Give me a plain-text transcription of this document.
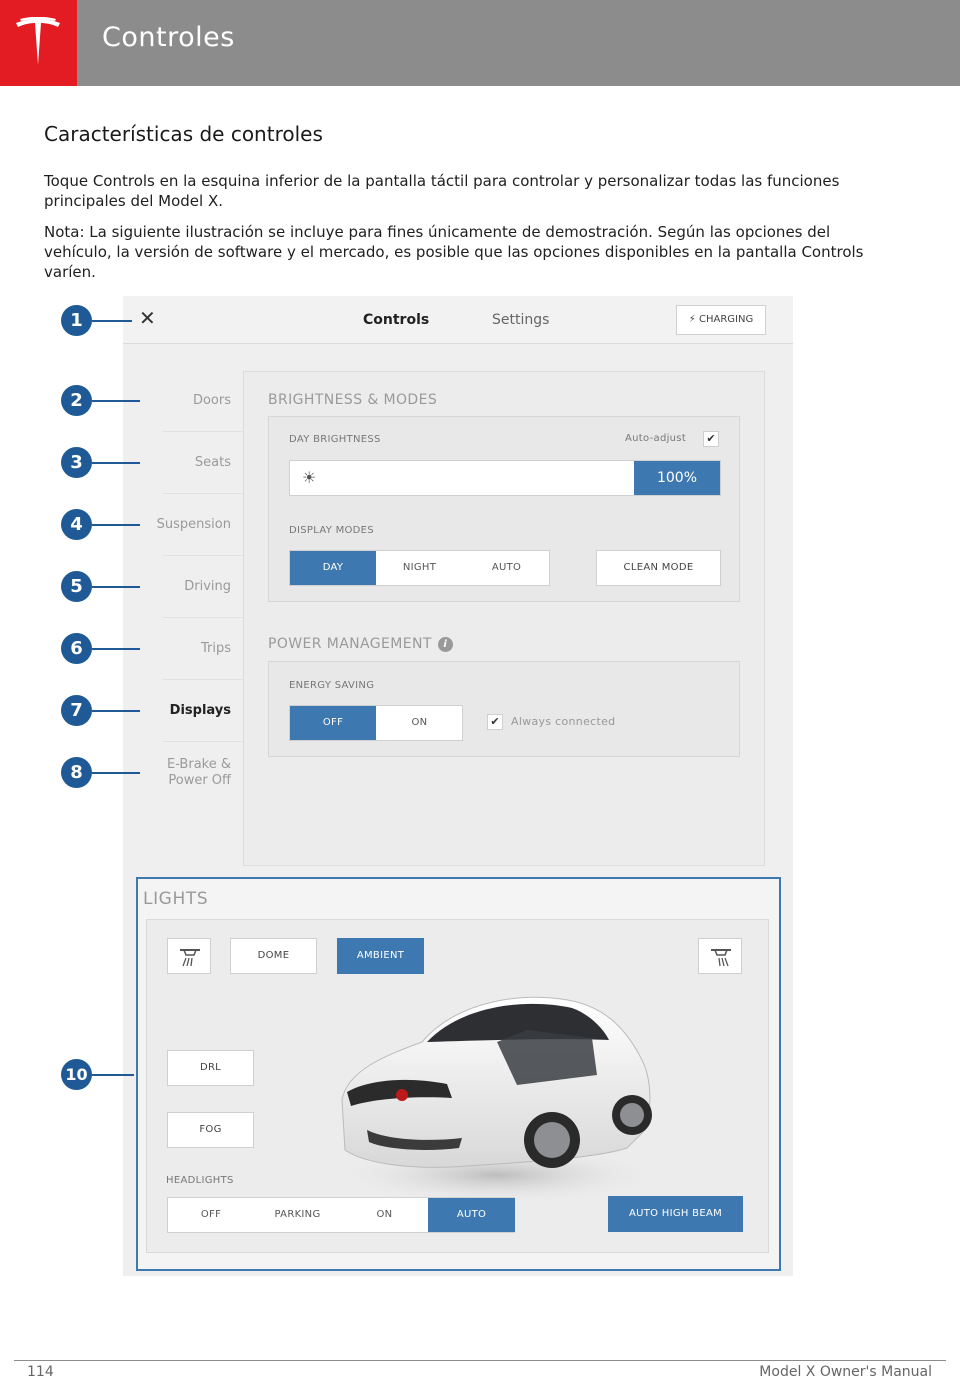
Controles
Características de controles
Toque Controls en la esquina inferior de la pantalla táctil para controlar y personalizar todas las funciones principales del Model X.
Nota: La siguiente ilustración se incluye para fines únicamente de demostración. Según las opciones del vehículo, la versión de software y el mercado, es posible que las opciones disponibles en la pantalla Controls varíen.
✕	Controls	Settings	⚡ CHARGING
Doors
Seats
Suspension
Driving
Trips
Displays
E-Brake &
Power Off
BRIGHTNESS & MODES
DAY BRIGHTNESS	Auto-adjust	✔
☀	100%
DISPLAY MODES
DAY	NIGHT	AUTO	CLEAN MODE
POWER MANAGEMENT i
ENERGY SAVING
OFF	ON	✔	Always connected
LIGHTS
DOME	AMBIENT
DRL
FOG
HEADLIGHTS
OFF	PARKING	ON	AUTO	AUTO HIGH BEAM
1
2
3
4
5
6
7
8
10
114	Model X Owner's Manual
